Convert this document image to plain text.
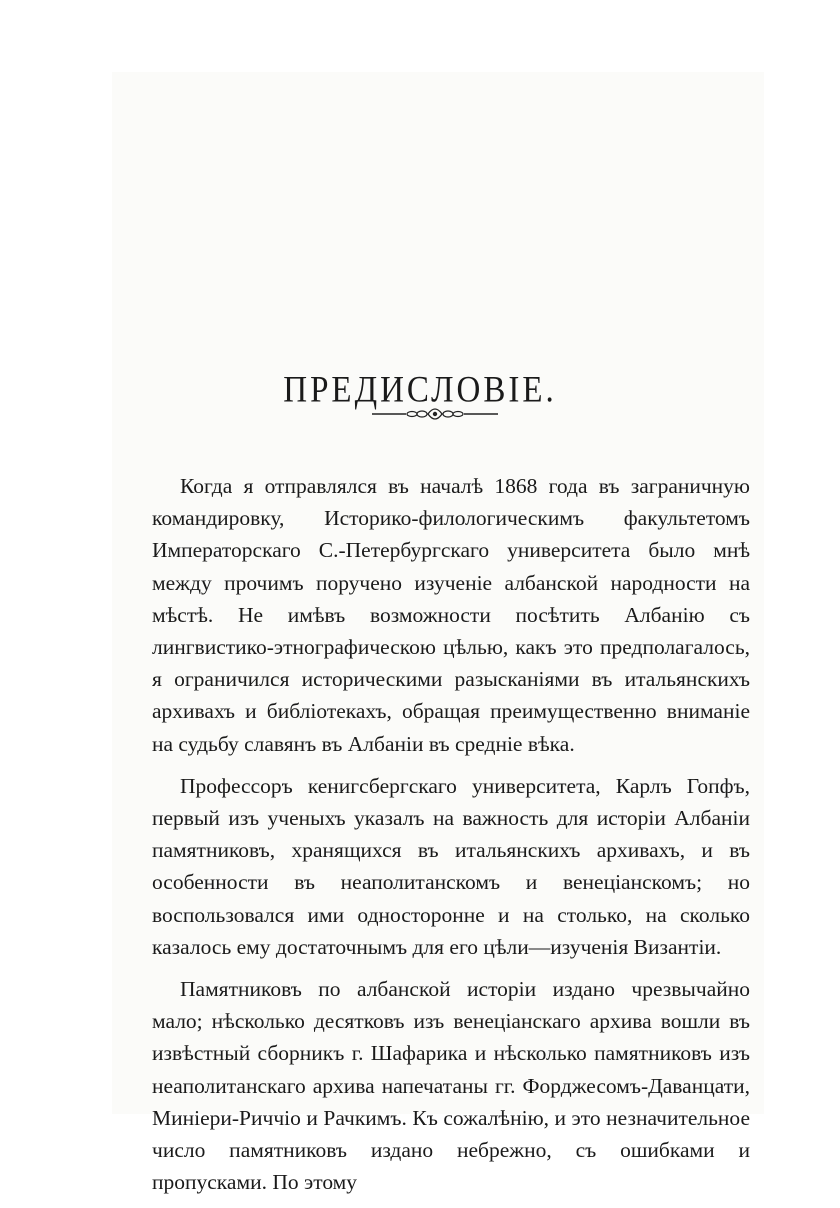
ПРЕДИСЛОВІЕ.

Когда я отправлялся въ началѣ 1868 года въ заграничную командировку, Историко-филологическимъ факультетомъ Императорскаго С.-Петербургскаго университета было мнѣ между прочимъ поручено изученіе албанской народности на мѣстѣ. Не имѣвъ возможности посѣтить Албанію съ лингвистико-этнографическою цѣлью, какъ это предполагалось, я ограничился историческими разысканіями въ итальянскихъ архивахъ и библіотекахъ, обращая преимущественно вниманіе на судьбу славянъ въ Албаніи въ средніе вѣка.

Профессоръ кенигсбергскаго университета, Карлъ Гопфъ, первый изъ ученыхъ указалъ на важность для исторіи Албаніи памятниковъ, хранящихся въ итальянскихъ архивахъ, и въ особенности въ неаполитанскомъ и венеціанскомъ; но воспользовался ими односторонне и на столько, на сколько казалось ему достаточнымъ для его цѣли—изученія Византіи.

Памятниковъ по албанской исторіи издано чрезвычайно мало; нѣсколько десятковъ изъ венеціанскаго архива вошли въ извѣстный сборникъ г. Шафарика и нѣсколько памятниковъ изъ неаполитанскаго архива напечатаны гг. Форджесомъ-Даванцати, Минieри-Риччіо и Рачкимъ. Къ сожалѣнію, и это незначительное число памятниковъ издано небрежно, съ ошибками и пропусками. По этому
